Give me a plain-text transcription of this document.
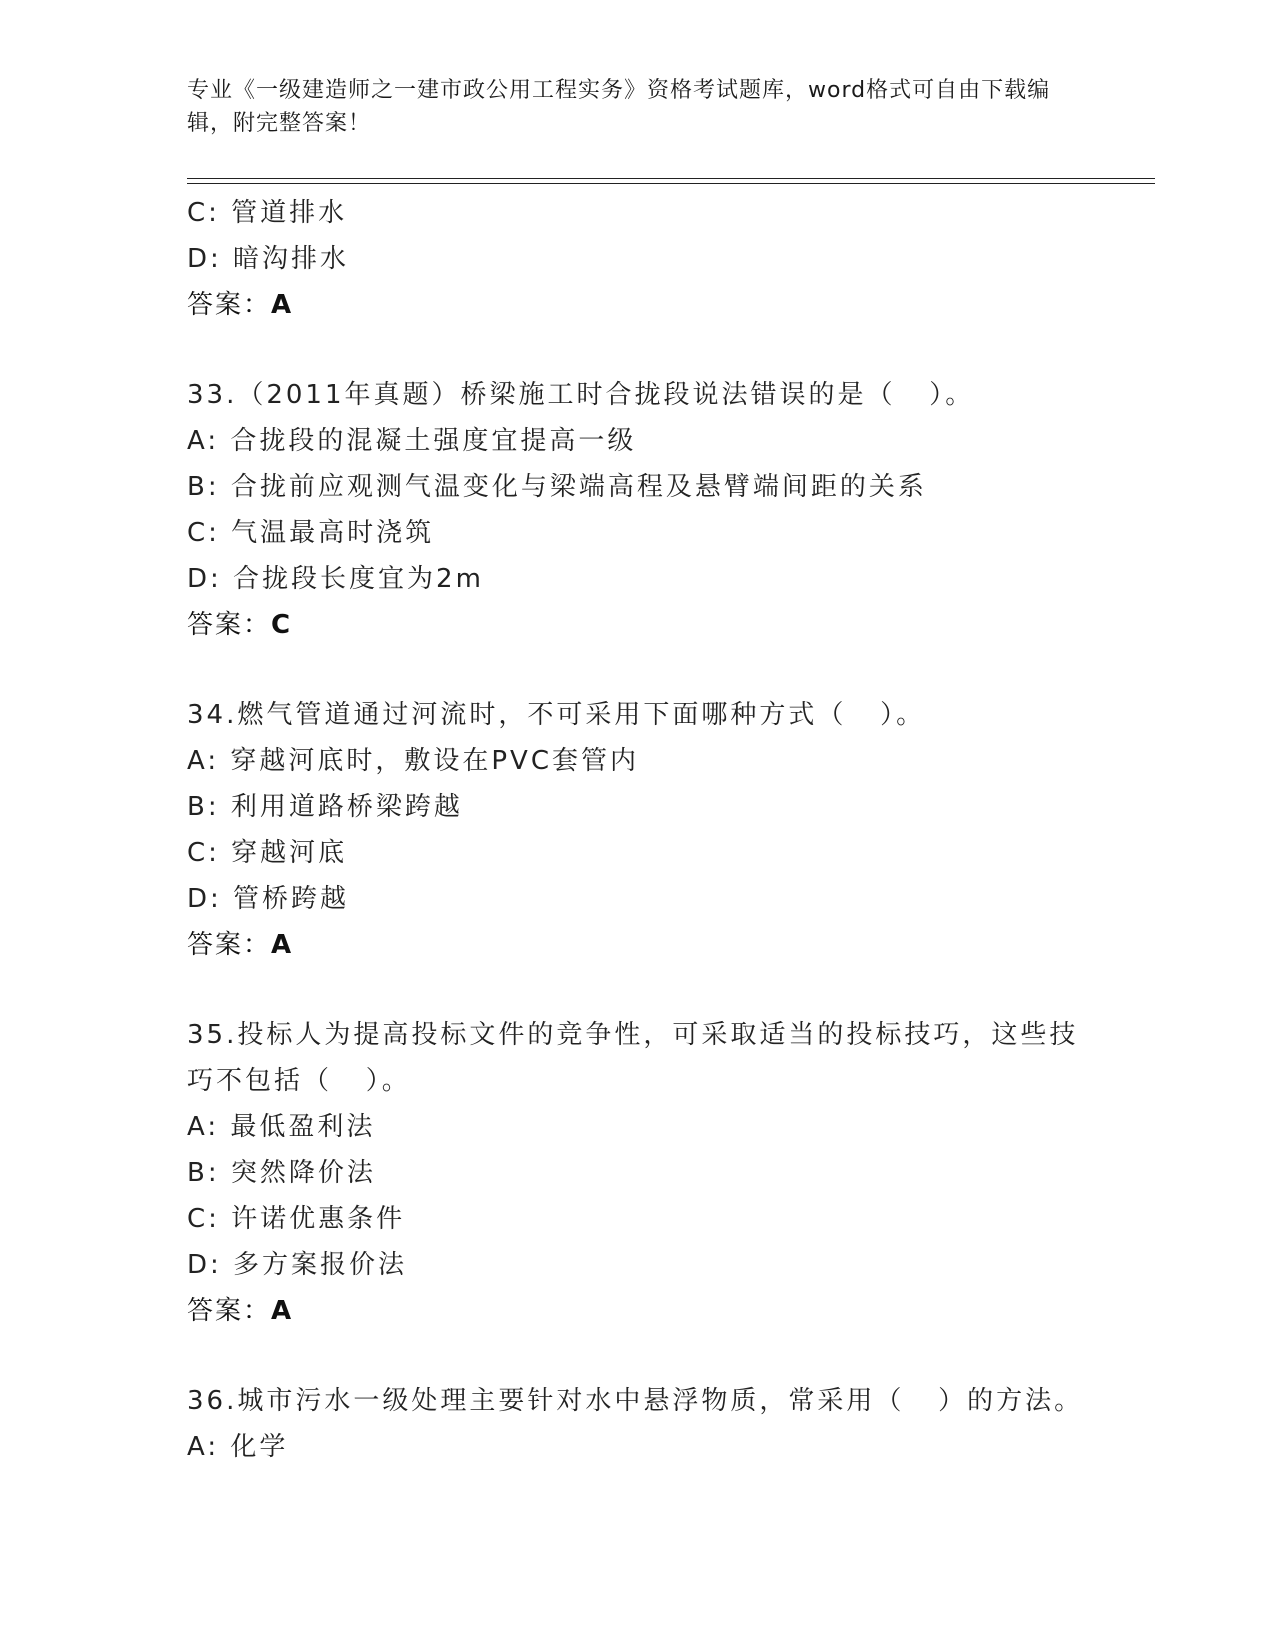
专业《一级建造师之一建市政公用工程实务》资格考试题库，word格式可自由下载编辑，附完整答案！
C: 管道排水
D: 暗沟排水
答案：A
33.（2011年真题）桥梁施工时合拢段说法错误的是（   ）。
A: 合拢段的混凝土强度宜提高一级
B: 合拢前应观测气温变化与梁端高程及悬臂端间距的关系
C: 气温最高时浇筑
D: 合拢段长度宜为2m
答案：C
34.燃气管道通过河流时，不可采用下面哪种方式（   ）。
A: 穿越河底时，敷设在PVC套管内
B: 利用道路桥梁跨越
C: 穿越河底
D: 管桥跨越
答案：A
35.投标人为提高投标文件的竞争性，可采取适当的投标技巧，这些技巧不包括（   ）。
A: 最低盈利法
B: 突然降价法
C: 许诺优惠条件
D: 多方案报价法
答案：A
36.城市污水一级处理主要针对水中悬浮物质，常采用（   ）的方法。
A: 化学
